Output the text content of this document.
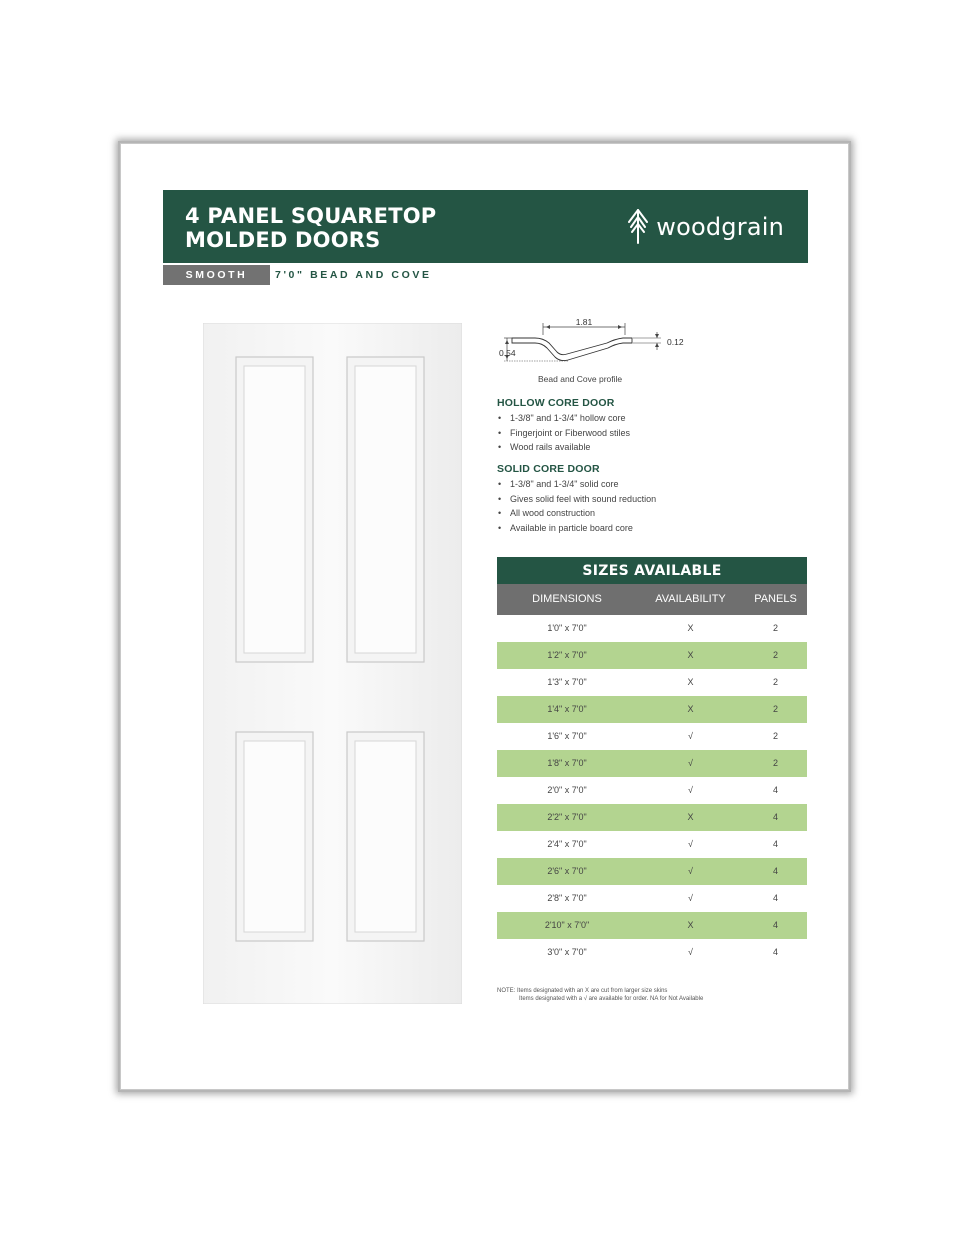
4 PANEL SQUARETOP
MOLDED DOORS	woodgrain
SMOOTH	7'0" BEAD AND COVE
1.81
0.54
0.12
Bead and Cove profile
HOLLOW CORE DOOR
• 1-3/8" and 1-3/4" hollow core
• Fingerjoint or Fiberwood stiles
• Wood rails available
SOLID CORE DOOR
• 1-3/8" and 1-3/4" solid core
• Gives solid feel with sound reduction
• All wood construction
• Available in particle board core
SIZES AVAILABLE
DIMENSIONS	AVAILABILITY	PANELS
1'0" x 7'0"	X	2
1'2" x 7'0"	X	2
1'3" x 7'0"	X	2
1'4" x 7'0"	X	2
1'6" x 7'0"	√	2
1'8" x 7'0"	√	2
2'0" x 7'0"	√	4
2'2" x 7'0"	X	4
2'4" x 7'0"	√	4
2'6" x 7'0"	√	4
2'8" x 7'0"	√	4
2'10" x 7'0"	X	4
3'0" x 7'0"	√	4
NOTE: Items designated with an X are cut from larger size skins
Items designated with a √ are available for order. NA for Not Available
